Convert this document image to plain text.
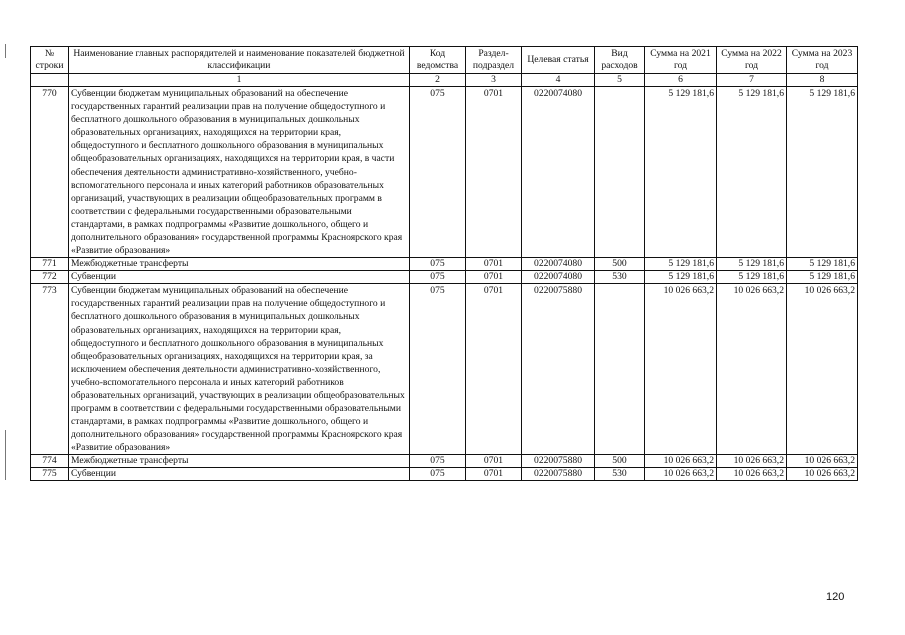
№ строки	Наименование главных распорядителей и наименование показателей бюджетной классификации	Код ведомства	Раздел-подраздел	Целевая статья	Вид расходов	Сумма на 2021 год	Сумма на 2022 год	Сумма на 2023 год
	1	2	3	4	5	6	7	8
770	Субвенции бюджетам муниципальных образований на обеспечение государственных гарантий реализации прав на получение общедоступного и бесплатного дошкольного образования в муниципальных дошкольных образовательных организациях, находящихся на территории края, общедоступного и бесплатного дошкольного образования в муниципальных общеобразовательных организациях, находящихся на территории края, в части обеспечения деятельности административно-хозяйственного, учебно-вспомогательного персонала и иных категорий работников образовательных организаций, участвующих в реализации общеобразовательных программ в соответствии с федеральными государственными образовательными стандартами, в рамках подпрограммы «Развитие дошкольного, общего и дополнительного образования» государственной программы Красноярского края «Развитие образования»	075	0701	0220074080		5 129 181,6	5 129 181,6	5 129 181,6
771	Межбюджетные трансферты	075	0701	0220074080	500	5 129 181,6	5 129 181,6	5 129 181,6
772	Субвенции	075	0701	0220074080	530	5 129 181,6	5 129 181,6	5 129 181,6
773	Субвенции бюджетам муниципальных образований на обеспечение государственных гарантий реализации прав на получение общедоступного и бесплатного дошкольного образования в муниципальных дошкольных образовательных организациях, находящихся на территории края, общедоступного и бесплатного дошкольного образования в муниципальных общеобразовательных организациях, находящихся на территории края, за исключением обеспечения деятельности административно-хозяйственного, учебно-вспомогательного персонала и иных категорий работников образовательных организаций, участвующих в реализации общеобразовательных программ в соответствии с федеральными государственными образовательными стандартами, в рамках подпрограммы «Развитие дошкольного, общего и дополнительного образования» государственной программы Красноярского края «Развитие образования»	075	0701	0220075880		10 026 663,2	10 026 663,2	10 026 663,2
774	Межбюджетные трансферты	075	0701	0220075880	500	10 026 663,2	10 026 663,2	10 026 663,2
775	Субвенции	075	0701	0220075880	530	10 026 663,2	10 026 663,2	10 026 663,2
120
